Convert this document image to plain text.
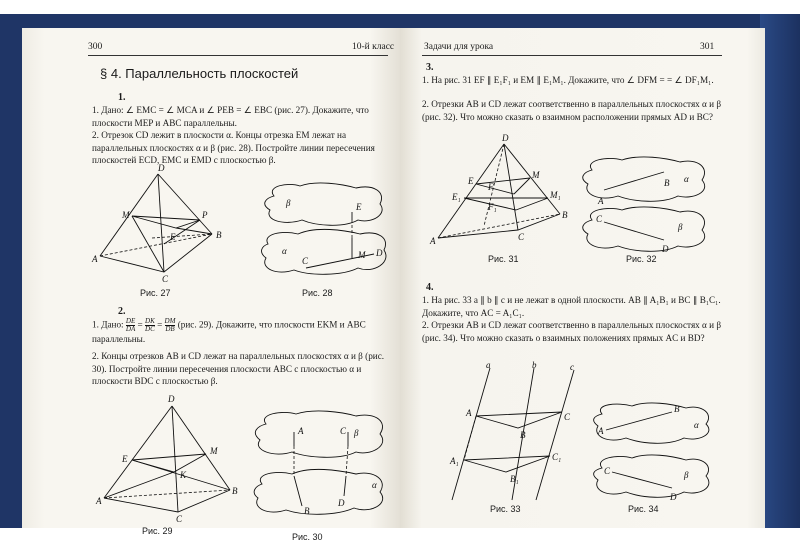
300	10-й класс
§ 4. Параллельность плоскостей
1.
1. Дано: ∠ EMC = ∠ MCA и ∠ PEB = ∠ EBC (рис. 27). Докажите, что плоскости MEP и ABC параллельны.
2. Отрезок CD лежит в плоскости α. Концы отрезка EM лежат на параллельных плоскостях α и β (рис. 28). Постройте линии пересечения плоскостей ECD, EMC и EMD с плоскостью β.
D
M	P
E	B
A
C
Рис. 27
β	E
α	M D
C
Рис. 28
2.
1. Дано: $\frac{DE}{DA} = \frac{DK}{DC} = \frac{DM}{DB} (рис$. 29). Докажите, что плоскости EKM и ABC параллельны.
2. Концы отрезков AB и CD лежат на параллельных плоскостях α и β (рис. 30). Постройте линии пересечения плоскости ABC с плоскостью α и плоскости BDC с плоскостью β.
D
M
E
K
B
A
C
Рис. 29
A	C β
α
D
B
Рис. 30
Задачи для урока	301
3.
1. На рис. 31 EF ∥ E₁F₁ и EM ∥ E₁M₁. Докажите, что ∠ DFM = = ∠ DF₁M₁.
2. Отрезки AB и CD лежат соответственно в параллельных плоскостях α и β (рис. 32). Что можно сказать о взаимном расположении прямых AD и BC?
D
E₁
E
M
F
M₁
F₁
B
A	C
Рис. 31
B α
A
C
β
D
Рис. 32
4.
1. На рис. 33 a ∥ b ∥ c и не лежат в одной плоскости. AB ∥ A₁B₁ и BC ∥ B₁C₁. Докажите, что AC = A₁C₁.
2. Отрезки AB и CD лежат соответственно в параллельных плоскостях α и β (рис. 34). Что можно сказать о взаимных положениях прямых AC и BD?
a	b	c
A	C
B
A₁	C₁
B₁
Рис. 33
B
A
α
C	β
D
Рис. 34
